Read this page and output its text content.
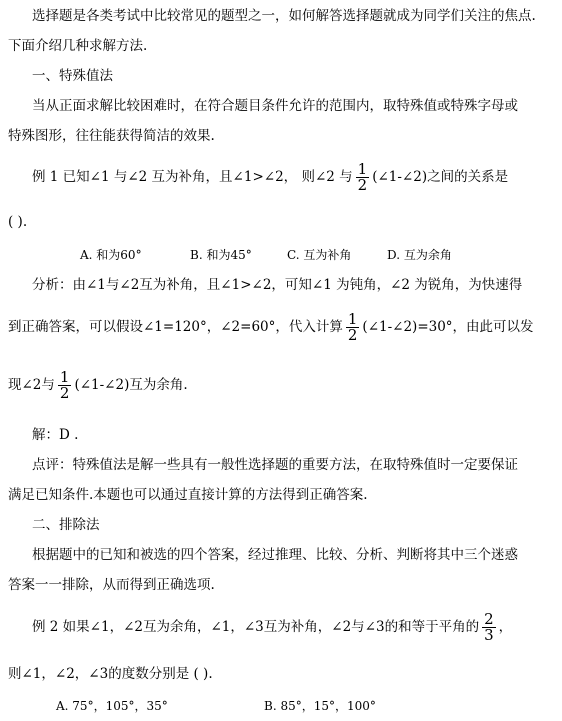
选择题是各类考试中比较常见的题型之一，如何解答选择题就成为同学们关注的焦点.
下面介绍几种求解方法.
一、特殊值法
当从正面求解比较困难时，在符合题目条件允许的范围内，取特殊值或特殊字母或
特殊图形，往往能获得简洁的效果.
例 1 已知∠1 与∠2 互为补角，且∠1>∠2， 则∠2 与 $\frac{1}{2}$ (∠1-∠2)之间的关系是
( ).
A. 和为60°	B. 和为45°	C. 互为补角	D. 互为余角
分析：由∠1与∠2互为补角，且∠1>∠2，可知∠1 为钝角，∠2 为锐角，为快速得
到正确答案，可以假设∠1=120°，∠2=60°，代入计算 $\frac{1}{2}$ (∠1-∠2)=30°，由此可以发
现∠2与 $\frac{1}{2}$ (∠1-∠2)互为余角.
解：D .
点评：特殊值法是解一些具有一般性选择题的重要方法，在取特殊值时一定要保证
满足已知条件.本题也可以通过直接计算的方法得到正确答案.
二、排除法
根据题中的已知和被选的四个答案，经过推理、比较、分析、判断将其中三个迷惑
答案一一排除，从而得到正确选项.
例 2 如果∠1，∠2互为余角，∠1，∠3互为补角，∠2与∠3的和等于平角的 $\frac{2}{3}$ ，
则∠1，∠2，∠3的度数分别是 ( ).
A. 75°，105°，35°	B. 85°，15°，100°
